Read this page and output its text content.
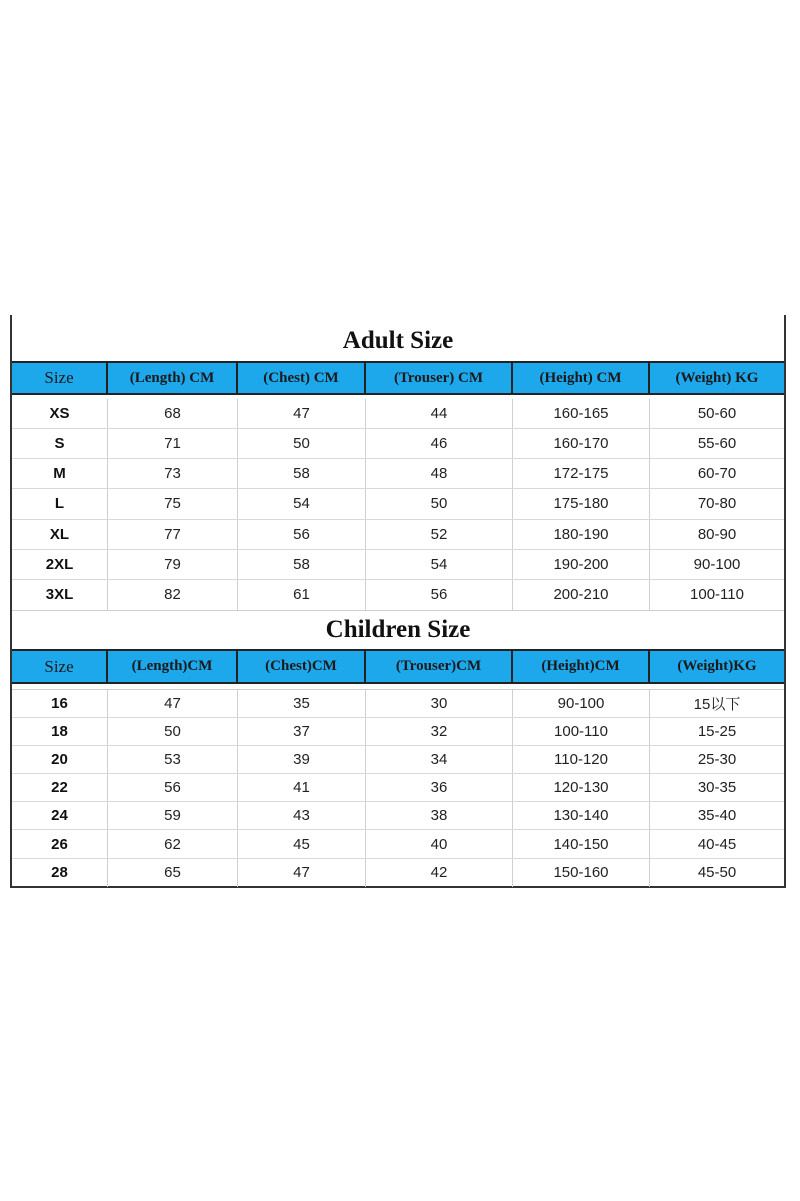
Adult Size
Size	(Length) CM	(Chest) CM	(Trouser) CM	(Height) CM	(Weight) KG
XS	68	47	44	160-165	50-60
S	71	50	46	160-170	55-60
M	73	58	48	172-175	60-70
L	75	54	50	175-180	70-80
XL	77	56	52	180-190	80-90
2XL	79	58	54	190-200	90-100
3XL	82	61	56	200-210	100-110
Children Size
Size	(Length)CM	(Chest)CM	(Trouser)CM	(Height)CM	(Weight)KG
16	47	35	30	90-100	15以下
18	50	37	32	100-110	15-25
20	53	39	34	110-120	25-30
22	56	41	36	120-130	30-35
24	59	43	38	130-140	35-40
26	62	45	40	140-150	40-45
28	65	47	42	150-160	45-50
